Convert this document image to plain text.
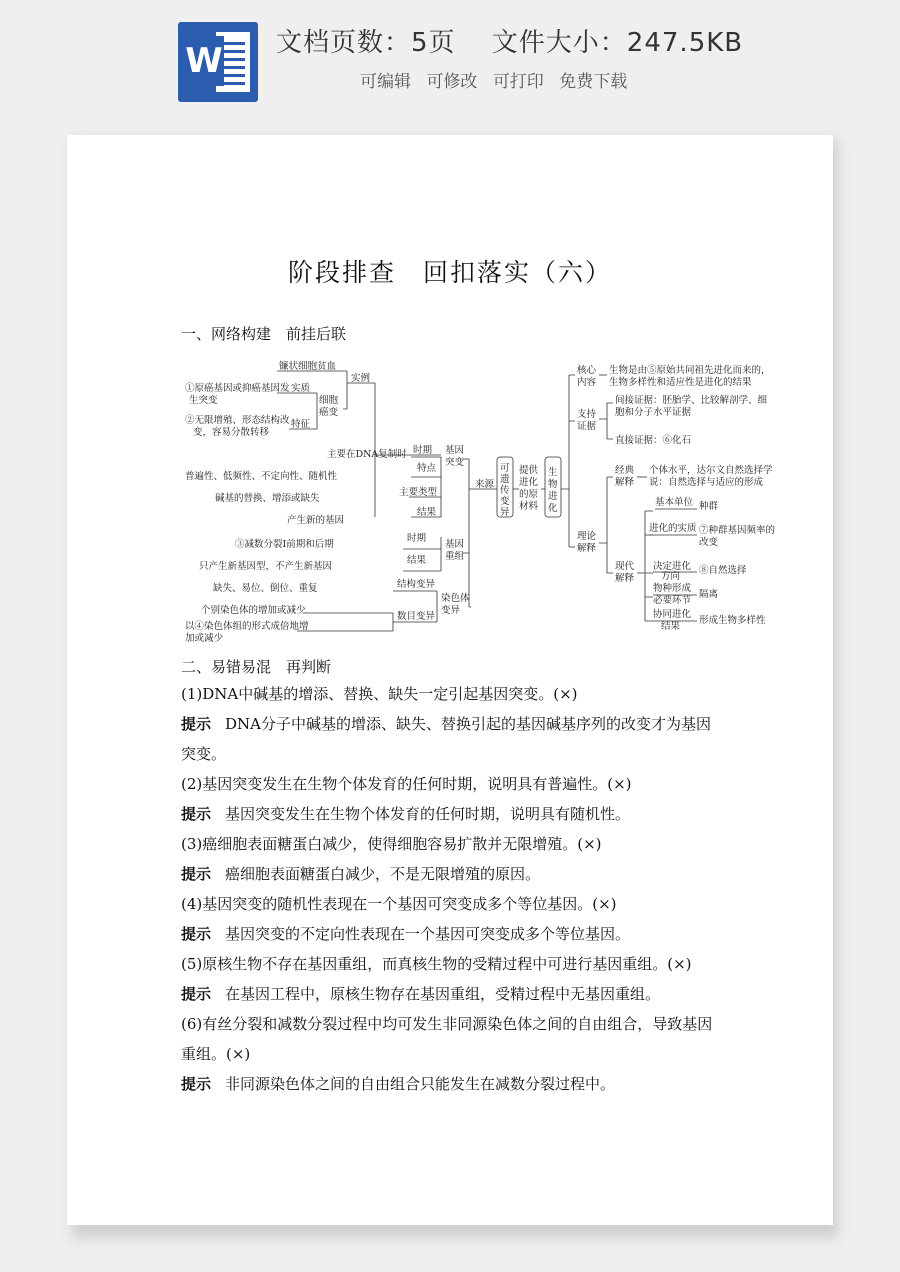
W 文档页数：5页　 文件大小：247.5KB
可编辑 可修改 可打印 免费下载
阶段排查　回扣落实（六）
一、网络构建　前挂后联
镰状细胞贫血
①原癌基因或抑癌基因发
生突变
实质
②无限增殖、形态结构改
变，容易分散转移
特征
细胞
癌变
实例
主要在DNA复制时 时期
普遍性、低频性、不定向性、随机性
特点
碱基的替换、增添或缺失
主要类型
产生新的基因
结果
基因
突变
③减数分裂Ⅰ前期和后期
时期
只产生新基因型，不产生新基因
结果
基因
重组
缺失、易位、倒位、重复	结构变异
个别染色体的增加或减少
以④染色体组的形式成倍地增
加或减少
数目变异
染色体
变异
来源
可
遗
传
变
异
提供
进化
的原
材料
生
物
进
化
核心
内容
生物是由⑤原始共同祖先进化而来的，
生物多样性和适应性是进化的结果
支持
证据
间接证据：胚胎学、比较解剖学、细
胞和分子水平证据
直接证据：⑥化石
理论
解释
经典
解释
个体水平，达尔文自然选择学
说：自然选择与适应的形成
现代
解释
基本单位 种群
进化的实质 ⑦种群基因频率的
改变
决定进化
方向
⑧自然选择
物种形成
必要环节
隔离
协同进化
结果
形成生物多样性
二、易错易混　再判断
(1)DNA中碱基的增添、替换、缺失一定引起基因突变。(×)
提示 DNA分子中碱基的增添、缺失、替换引起的基因碱基序列的改变才为基因突变。
(2)基因突变发生在生物个体发育的任何时期，说明具有普遍性。(×)
提示 基因突变发生在生物个体发育的任何时期，说明具有随机性。
(3)癌细胞表面糖蛋白减少，使得细胞容易扩散并无限增殖。(×)
提示 癌细胞表面糖蛋白减少，不是无限增殖的原因。
(4)基因突变的随机性表现在一个基因可突变成多个等位基因。(×)
提示 基因突变的不定向性表现在一个基因可突变成多个等位基因。
(5)原核生物不存在基因重组，而真核生物的受精过程中可进行基因重组。(×)
提示 在基因工程中，原核生物存在基因重组，受精过程中无基因重组。
(6)有丝分裂和减数分裂过程中均可发生非同源染色体之间的自由组合，导致基因重组。(×)
提示 非同源染色体之间的自由组合只能发生在减数分裂过程中。
